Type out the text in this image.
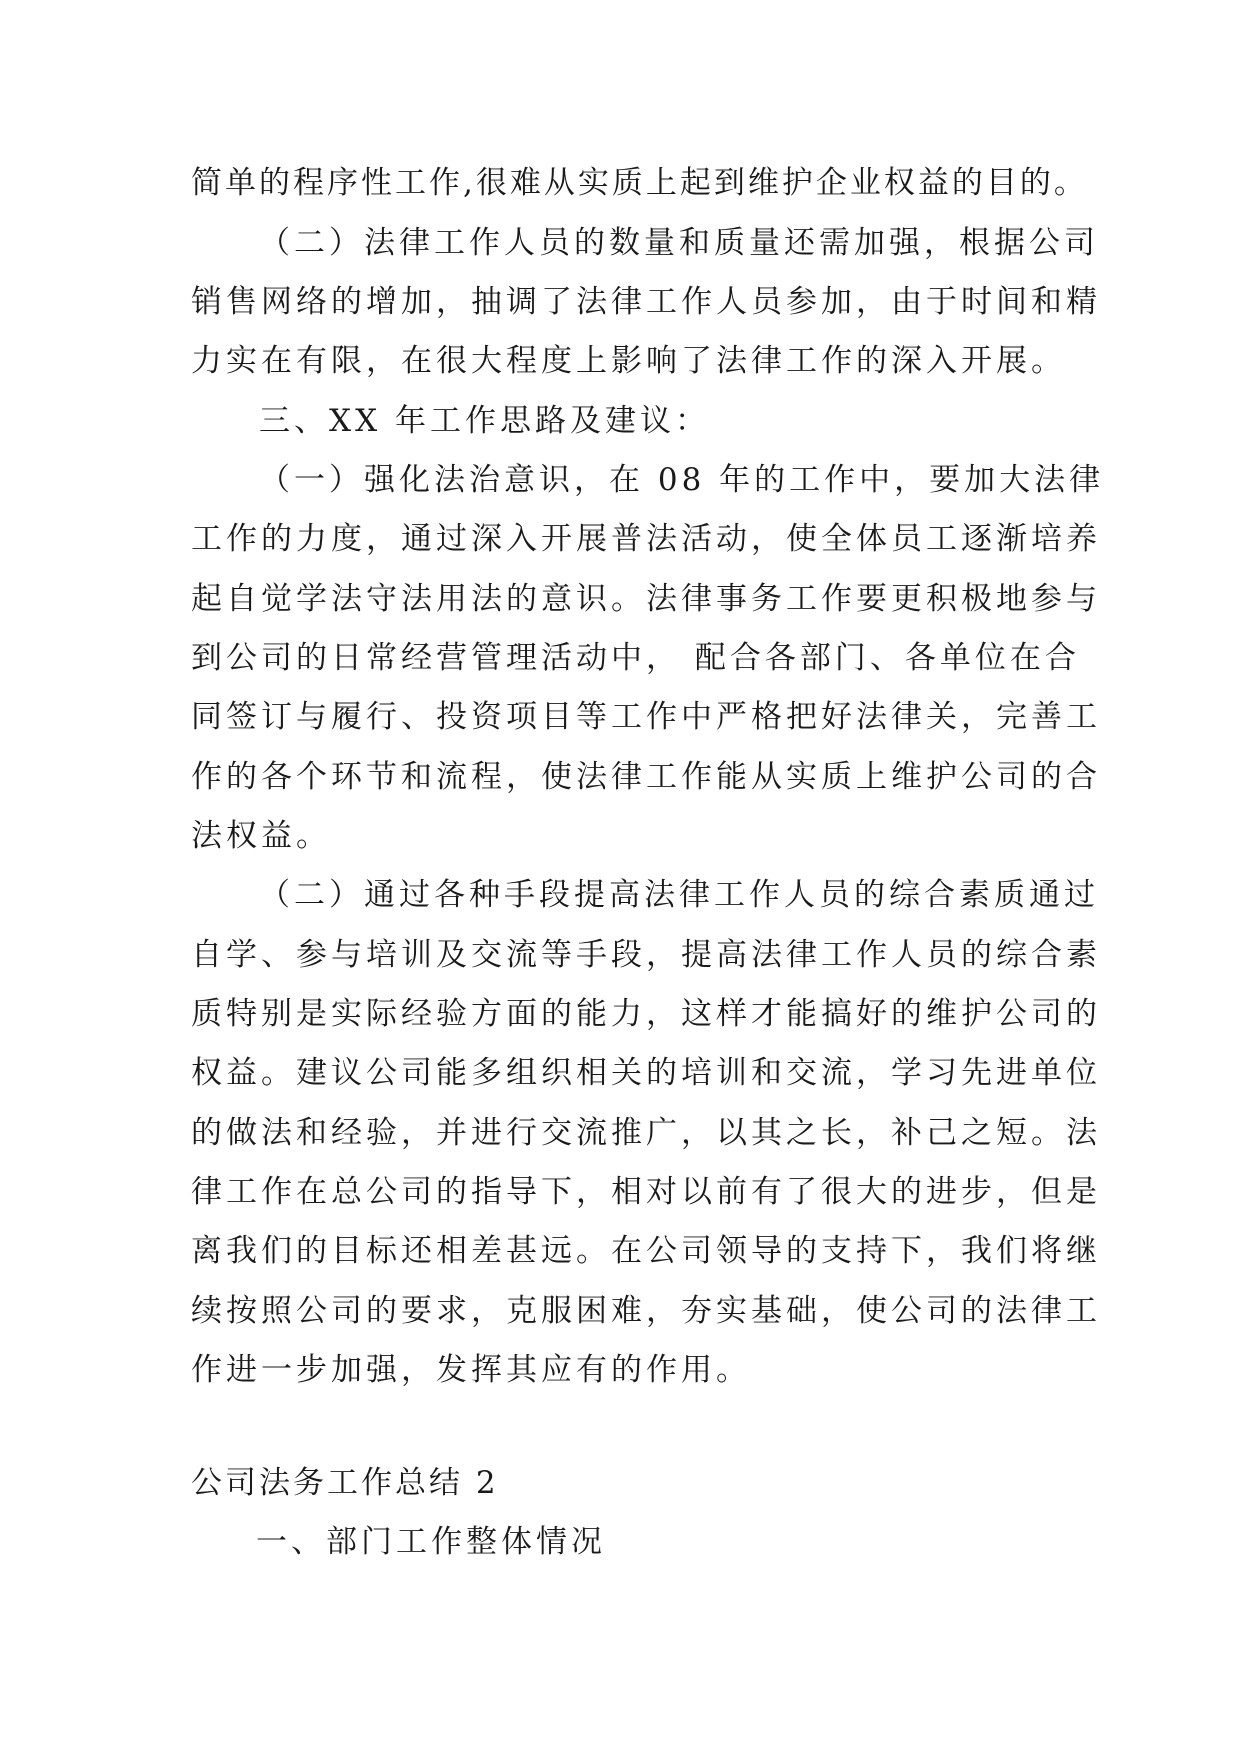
简单的程序性工作,很难从实质上起到维护企业权益的目的。
（二）法律工作人员的数量和质量还需加强，根据公司
销售网络的增加，抽调了法律工作人员参加，由于时间和精
力实在有限，在很大程度上影响了法律工作的深入开展。
三、XX 年工作思路及建议：
（一）强化法治意识，在 08 年的工作中，要加大法律
工作的力度，通过深入开展普法活动，使全体员工逐渐培养
起自觉学法守法用法的意识。法律事务工作要更积极地参与
到公司的日常经营管理活动中， 配合各部门、各单位在合
同签订与履行、投资项目等工作中严格把好法律关，完善工
作的各个环节和流程，使法律工作能从实质上维护公司的合
法权益。
（二）通过各种手段提高法律工作人员的综合素质通过
自学、参与培训及交流等手段，提高法律工作人员的综合素
质特别是实际经验方面的能力，这样才能搞好的维护公司的
权益。建议公司能多组织相关的培训和交流，学习先进单位
的做法和经验，并进行交流推广，以其之长，补己之短。法
律工作在总公司的指导下，相对以前有了很大的进步，但是
离我们的目标还相差甚远。在公司领导的支持下，我们将继
续按照公司的要求，克服困难，夯实基础，使公司的法律工
作进一步加强，发挥其应有的作用。
公司法务工作总结 2
一、部门工作整体情况
